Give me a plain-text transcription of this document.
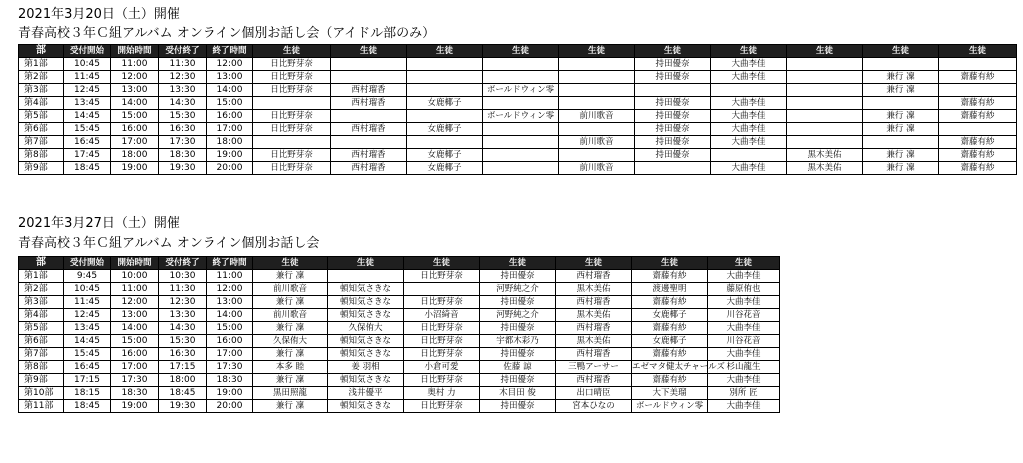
2021年3月20日（土）開催
青春高校３年Ｃ組アルバム オンライン個別お話し会（アイドル部のみ）
部	受付開始	開始時間	受付終了	終了時間	生徒	生徒	生徒	生徒	生徒	生徒	生徒	生徒	生徒	生徒
第1部	10:45	11:00	11:30	12:00	日比野芽奈					持田優奈	大曲李佳			
第2部	11:45	12:00	12:30	13:00	日比野芽奈					持田優奈	大曲李佳		兼行 凜	齋藤有紗
第3部	12:45	13:00	13:30	14:00	日比野芽奈	西村瑠香		ボールドウィン零					兼行 凜	
第4部	13:45	14:00	14:30	15:00		西村瑠香	女鹿椰子			持田優奈	大曲李佳			齋藤有紗
第5部	14:45	15:00	15:30	16:00	日比野芽奈			ボールドウィン零	前川歌音	持田優奈	大曲李佳		兼行 凜	齋藤有紗
第6部	15:45	16:00	16:30	17:00	日比野芽奈	西村瑠香	女鹿椰子			持田優奈	大曲李佳		兼行 凜	
第7部	16:45	17:00	17:30	18:00					前川歌音	持田優奈	大曲李佳			齋藤有紗
第8部	17:45	18:00	18:30	19:00	日比野芽奈	西村瑠香	女鹿椰子			持田優奈		黒木美佑	兼行 凜	齋藤有紗
第9部	18:45	19:00	19:30	20:00	日比野芽奈	西村瑠香	女鹿椰子		前川歌音		大曲李佳	黒木美佑	兼行 凜	齋藤有紗
2021年3月27日（土）開催
青春高校３年Ｃ組アルバム オンライン個別お話し会
部	受付開始	開始時間	受付終了	終了時間	生徒	生徒	生徒	生徒	生徒	生徒	生徒
第1部	9:45	10:00	10:30	11:00	兼行 凜		日比野芽奈	持田優奈	西村瑠香	齋藤有紗	大曲李佳
第2部	10:45	11:00	11:30	12:00	前川歌音	頓知気さきな		河野純之介	黒木美佑	渡邊聖明	藤原侑也
第3部	11:45	12:00	12:30	13:00	兼行 凜	頓知気さきな	日比野芽奈	持田優奈	西村瑠香	齋藤有紗	大曲李佳
第4部	12:45	13:00	13:30	14:00	前川歌音	頓知気さきな	小沼綺音	河野純之介	黒木美佑	女鹿椰子	川谷花音
第5部	13:45	14:00	14:30	15:00	兼行 凜	久保侑大	日比野芽奈	持田優奈	西村瑠香	齋藤有紗	大曲李佳
第6部	14:45	15:00	15:30	16:00	久保侑大	頓知気さきな	日比野芽奈	宇都木彩乃	黒木美佑	女鹿椰子	川谷花音
第7部	15:45	16:00	16:30	17:00	兼行 凜	頓知気さきな	日比野芽奈	持田優奈	西村瑠香	齋藤有紗	大曲李佳
第8部	16:45	17:00	17:15	17:30	本多 睦	姜 羽相	小倉可愛	佐藤 諒	三鴨アーサー	エゼマタ健太チャールズ	杉山龍生
第9部	17:15	17:30	18:00	18:30	兼行 凜	頓知気さきな	日比野芽奈	持田優奈	西村瑠香	齋藤有紗	大曲李佳
第10部	18:15	18:30	18:45	19:00	黒田照龍	浅井優平	奥村 力	木目田 俊	出口晴臣	大下美瑠	別所 匠
第11部	18:45	19:00	19:30	20:00	兼行 凜	頓知気さきな	日比野芽奈	持田優奈	宮本ひなの	ボールドウィン零	大曲李佳
